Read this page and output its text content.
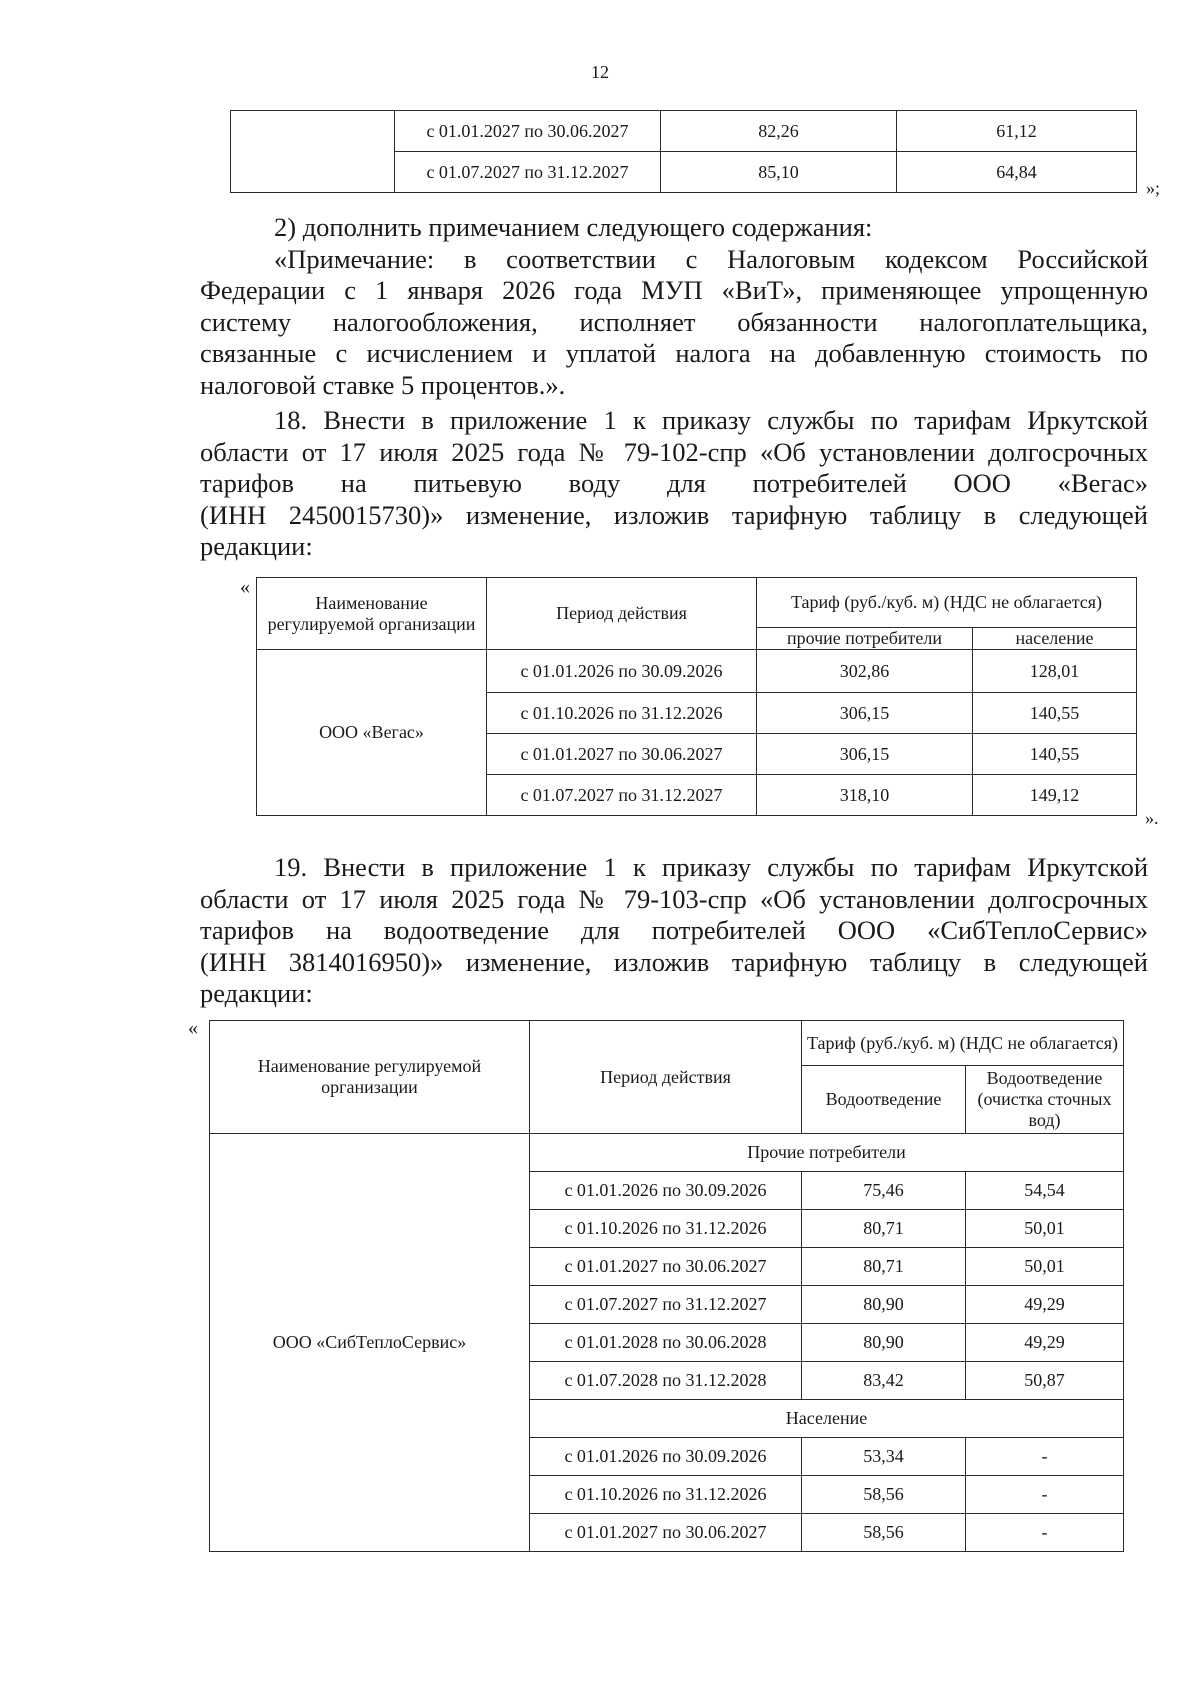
12
	с 01.01.2027 по 30.06.2027	82,26	61,12
	с 01.07.2027 по 31.12.2027	85,10	64,84
»;
2) дополнить примечанием следующего содержания:
«Примечание: в соответствии с Налоговым кодексом Российской
Федерации с 1 января 2026 года МУП «ВиТ», применяющее упрощенную
систему налогообложения, исполняет обязанности налогоплательщика,
связанные с исчислением и уплатой налога на добавленную стоимость по
налоговой ставке 5 процентов.».
18. Внести в приложение 1 к приказу службы по тарифам Иркутской
области от 17 июля 2025 года № 79-102-спр «Об установлении долгосрочных
тарифов на питьевую воду для потребителей ООО «Вегас»
(ИНН 2450015730)» изменение, изложив тарифную таблицу в следующей
редакции:
«
Наименование регулируемой организации	Период действия	Тариф (руб./куб. м) (НДС не облагается)	
		прочие потребители	население
ООО «Вегас»	с 01.01.2026 по 30.09.2026	302,86	128,01
	с 01.10.2026 по 31.12.2026	306,15	140,55
	с 01.01.2027 по 30.06.2027	306,15	140,55
	с 01.07.2027 по 31.12.2027	318,10	149,12
».
19. Внести в приложение 1 к приказу службы по тарифам Иркутской
области от 17 июля 2025 года № 79-103-спр «Об установлении долгосрочных
тарифов на водоотведение для потребителей ООО «СибТеплоСервис»
(ИНН 3814016950)» изменение, изложив тарифную таблицу в следующей
редакции:
«
Наименование регулируемой организации	Период действия	Тариф (руб./куб. м) (НДС не облагается)	
		Водоотведение	Водоотведение (очистка сточных вод)
ООО «СибТеплоСервис»	Прочие потребители		
	с 01.01.2026 по 30.09.2026	75,46	54,54
	с 01.10.2026 по 31.12.2026	80,71	50,01
	с 01.01.2027 по 30.06.2027	80,71	50,01
	с 01.07.2027 по 31.12.2027	80,90	49,29
	с 01.01.2028 по 30.06.2028	80,90	49,29
	с 01.07.2028 по 31.12.2028	83,42	50,87
	Население		
	с 01.01.2026 по 30.09.2026	53,34	-
	с 01.10.2026 по 31.12.2026	58,56	-
	с 01.01.2027 по 30.06.2027	58,56	-
